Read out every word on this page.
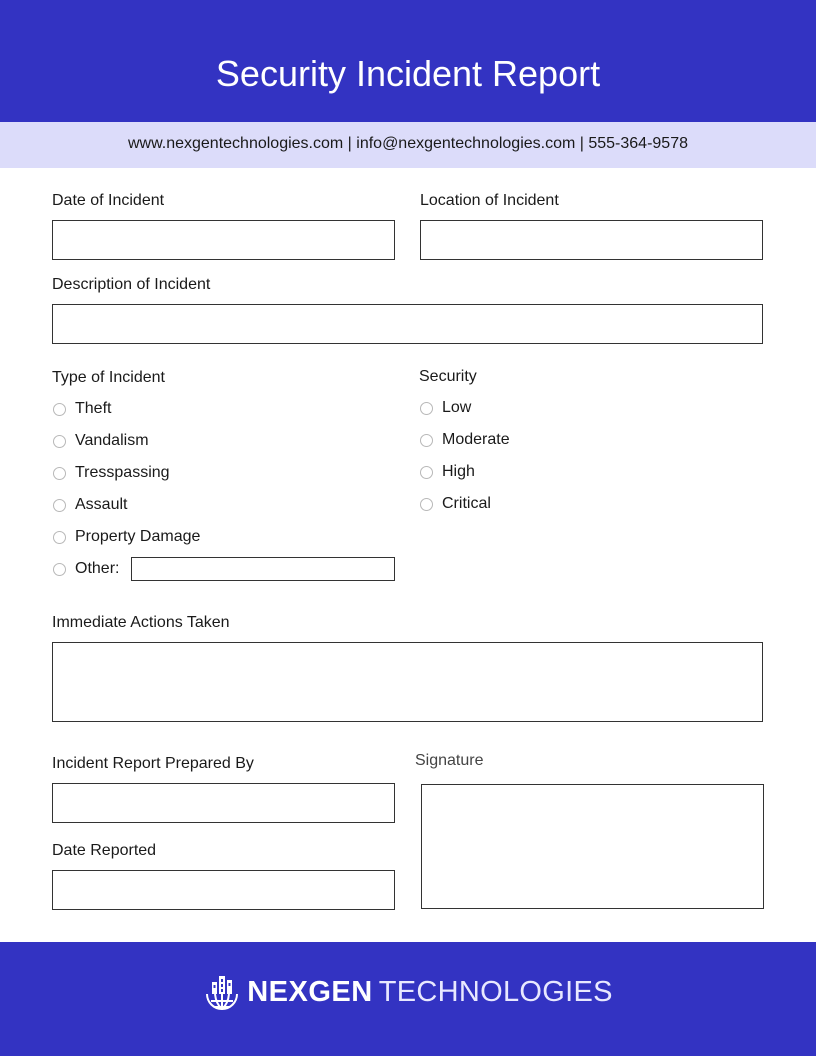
Security Incident Report
www.nexgentechnologies.com | info@nexgentechnologies.com | 555-364-9578
Date of Incident	Location of Incident
Description of Incident
Type of Incident
Theft
Vandalism
Tresspassing
Assault
Property Damage
Other:
Security
Low
Moderate
High
Critical
Immediate Actions Taken
Incident Report Prepared By	Signature
Date Reported
NEXGEN TECHNOLOGIES
